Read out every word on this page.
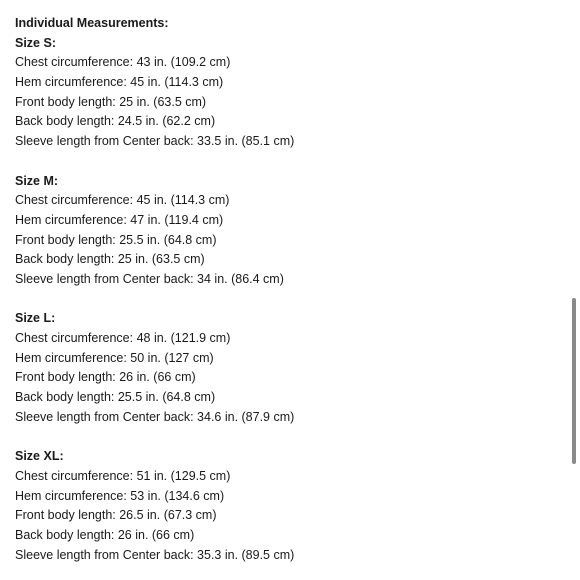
Individual Measurements:
Size S:
Chest circumference: 43 in. (109.2 cm)
Hem circumference: 45 in. (114.3 cm)
Front body length: 25 in. (63.5 cm)
Back body length: 24.5 in. (62.2 cm)
Sleeve length from Center back: 33.5 in. (85.1 cm)
Size M:
Chest circumference: 45 in. (114.3 cm)
Hem circumference: 47 in. (119.4 cm)
Front body length: 25.5 in. (64.8 cm)
Back body length: 25 in. (63.5 cm)
Sleeve length from Center back: 34 in. (86.4 cm)
Size L:
Chest circumference: 48 in. (121.9 cm)
Hem circumference: 50 in. (127 cm)
Front body length: 26 in. (66 cm)
Back body length: 25.5 in. (64.8 cm)
Sleeve length from Center back: 34.6 in. (87.9 cm)
Size XL:
Chest circumference: 51 in. (129.5 cm)
Hem circumference: 53 in. (134.6 cm)
Front body length: 26.5 in. (67.3 cm)
Back body length: 26 in. (66 cm)
Sleeve length from Center back: 35.3 in. (89.5 cm)
